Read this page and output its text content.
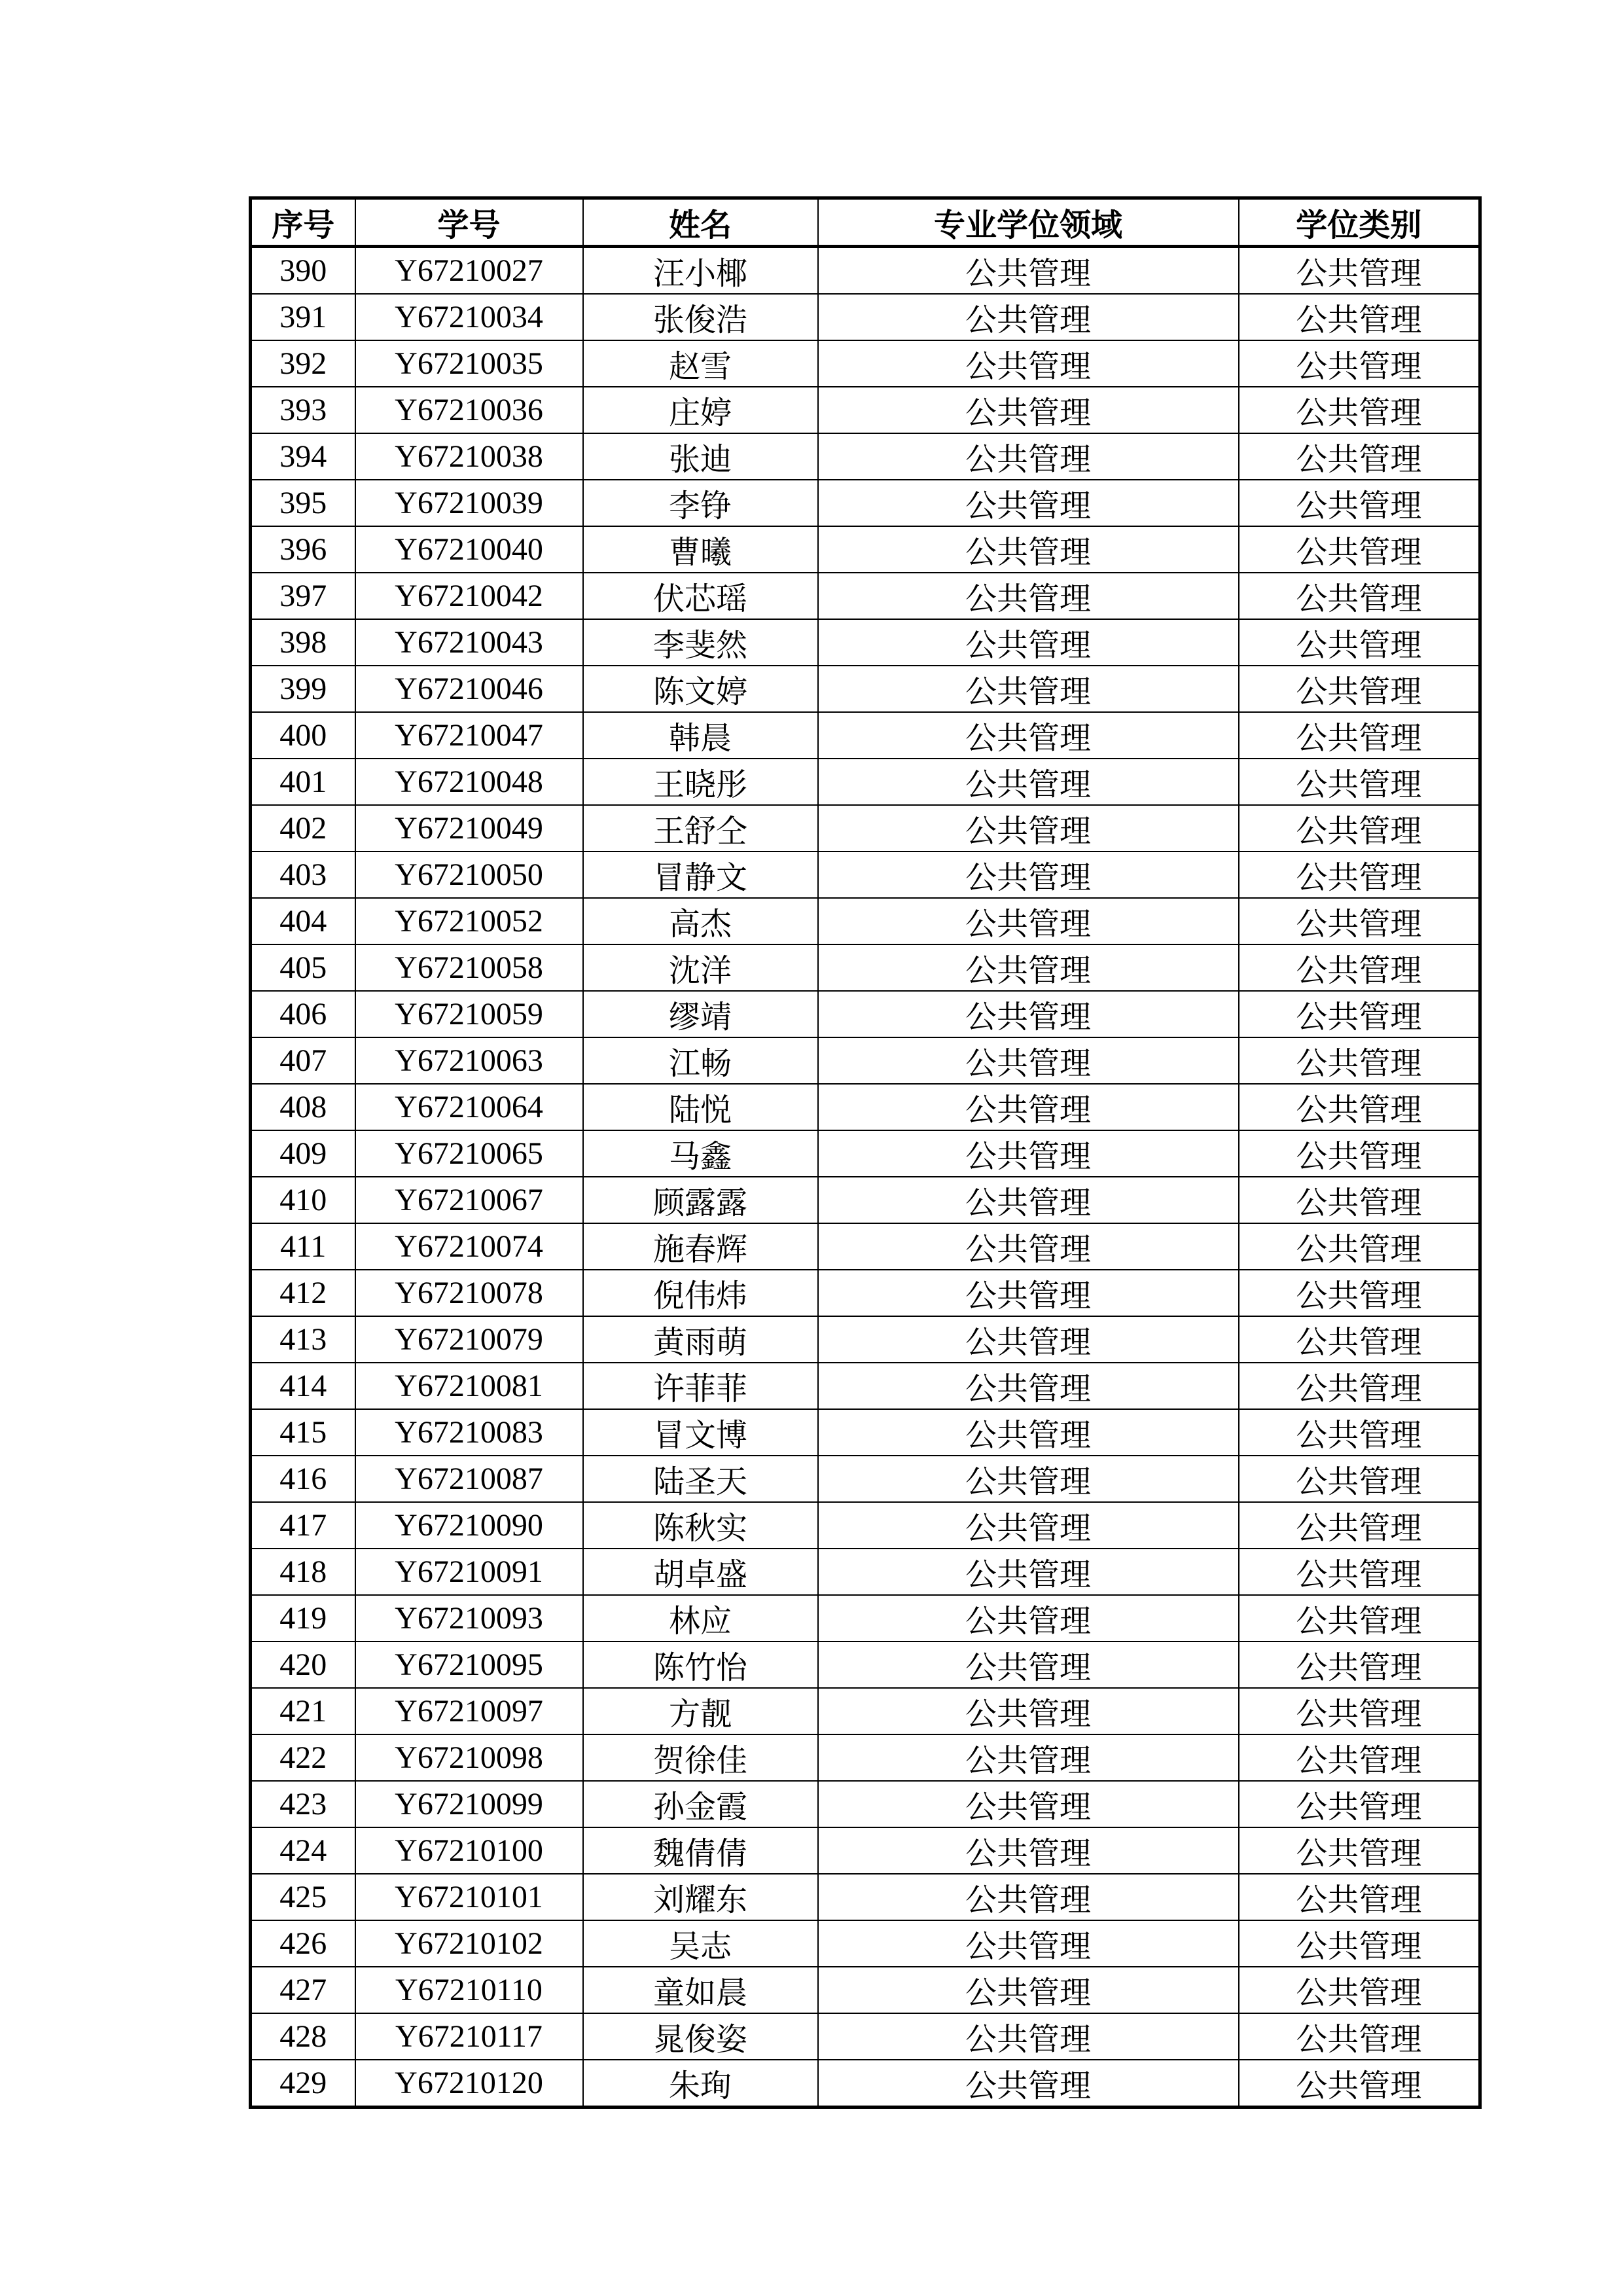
序号	学号	姓名	专业学位领域	学位类别
390	Y67210027	汪小椰	公共管理	公共管理
391	Y67210034	张俊浩	公共管理	公共管理
392	Y67210035	赵雪	公共管理	公共管理
393	Y67210036	庄婷	公共管理	公共管理
394	Y67210038	张迪	公共管理	公共管理
395	Y67210039	李铮	公共管理	公共管理
396	Y67210040	曹曦	公共管理	公共管理
397	Y67210042	伏芯瑶	公共管理	公共管理
398	Y67210043	李斐然	公共管理	公共管理
399	Y67210046	陈文婷	公共管理	公共管理
400	Y67210047	韩晨	公共管理	公共管理
401	Y67210048	王晓彤	公共管理	公共管理
402	Y67210049	王舒仝	公共管理	公共管理
403	Y67210050	冒静文	公共管理	公共管理
404	Y67210052	高杰	公共管理	公共管理
405	Y67210058	沈洋	公共管理	公共管理
406	Y67210059	缪靖	公共管理	公共管理
407	Y67210063	江畅	公共管理	公共管理
408	Y67210064	陆悦	公共管理	公共管理
409	Y67210065	马鑫	公共管理	公共管理
410	Y67210067	顾露露	公共管理	公共管理
411	Y67210074	施春辉	公共管理	公共管理
412	Y67210078	倪伟炜	公共管理	公共管理
413	Y67210079	黄雨萌	公共管理	公共管理
414	Y67210081	许菲菲	公共管理	公共管理
415	Y67210083	冒文博	公共管理	公共管理
416	Y67210087	陆圣天	公共管理	公共管理
417	Y67210090	陈秋实	公共管理	公共管理
418	Y67210091	胡卓盛	公共管理	公共管理
419	Y67210093	林应	公共管理	公共管理
420	Y67210095	陈竹怡	公共管理	公共管理
421	Y67210097	方靓	公共管理	公共管理
422	Y67210098	贺徐佳	公共管理	公共管理
423	Y67210099	孙金霞	公共管理	公共管理
424	Y67210100	魏倩倩	公共管理	公共管理
425	Y67210101	刘耀东	公共管理	公共管理
426	Y67210102	吴志	公共管理	公共管理
427	Y67210110	童如晨	公共管理	公共管理
428	Y67210117	晁俊姿	公共管理	公共管理
429	Y67210120	朱珣	公共管理	公共管理
